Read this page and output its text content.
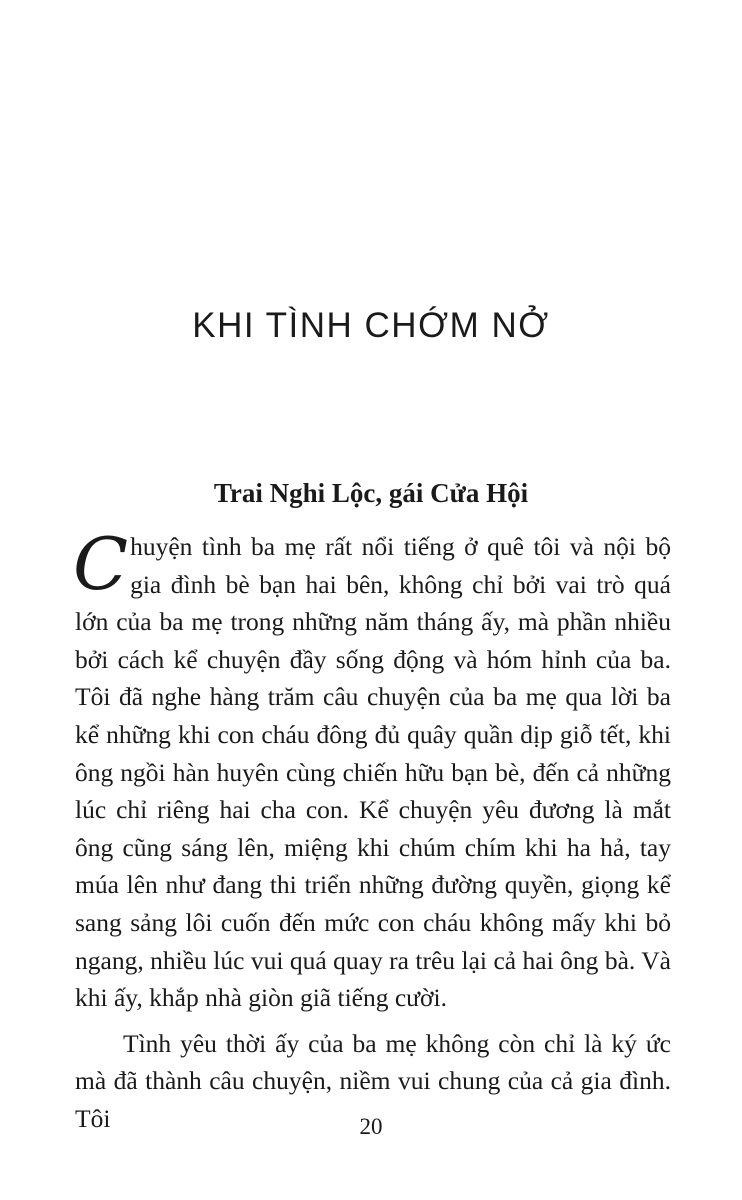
KHI TÌNH CHỚM NỞ
Trai Nghi Lộc, gái Cửa Hội

Chuyện tình ba mẹ rất nổi tiếng ở quê tôi và nội bộ gia đình bè bạn hai bên, không chỉ bởi vai trò quá lớn của ba mẹ trong những năm tháng ấy, mà phần nhiều bởi cách kể chuyện đầy sống động và hóm hỉnh của ba. Tôi đã nghe hàng trăm câu chuyện của ba mẹ qua lời ba kể những khi con cháu đông đủ quây quần dịp giỗ tết, khi ông ngồi hàn huyên cùng chiến hữu bạn bè, đến cả những lúc chỉ riêng hai cha con. Kể chuyện yêu đương là mắt ông cũng sáng lên, miệng khi chúm chím khi ha hả, tay múa lên như đang thi triển những đường quyền, giọng kể sang sảng lôi cuốn đến mức con cháu không mấy khi bỏ ngang, nhiều lúc vui quá quay ra trêu lại cả hai ông bà. Và khi ấy, khắp nhà giòn giã tiếng cười.

Tình yêu thời ấy của ba mẹ không còn chỉ là ký ức mà đã thành câu chuyện, niềm vui chung của cả gia đình. Tôi	20
